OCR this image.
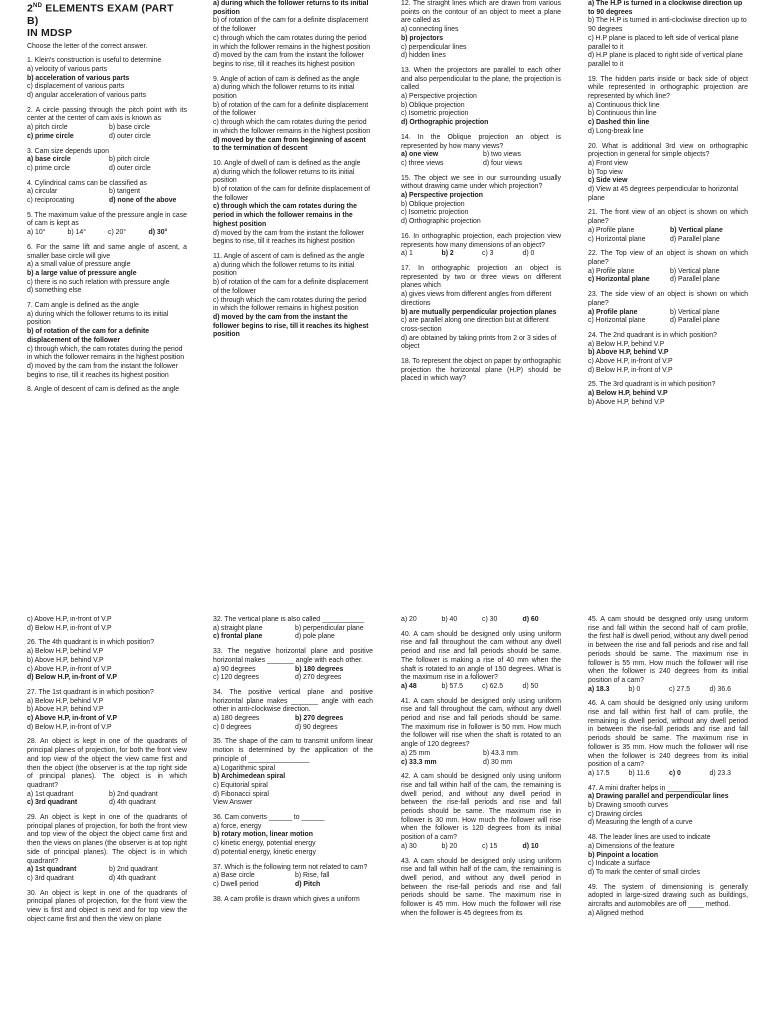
2ND ELEMENTS EXAM (PART B)
IN MDSP

Choose the letter of the correct answer.

1. Klein's construction is useful to determine

a) velocity of various parts

b) acceleration of various parts

c) displacement of various parts

d) angular acceleration of various parts

2. A circle passing through the pitch point with its center at the center of cam axis is known as

a) pitch circle	b) base circle

c) prime circle	d) outer circle

3. Cam size depends upon

a) base circle	b) pitch circle

c) prime circle	d) outer circle

4. Cylindrical cams can be classified as

a) circular	b) tangent

c) reciprocating	d) none of the above

5. The maximum value of the pressure angle in case of cam is kept as

a) 10°	b) 14°	c) 20°	d) 30°

6. For the same lift and same angle of ascent, a smaller base circle will give

a) a small value of pressure angle

b) a large value of pressure angle

c) there is no such relation with pressure angle

d) something else

7. Cam angle is defined as the angle

a) during which the follower returns to its initial position

b) of rotation of the cam for a definite displacement of the follower

c) through which, the cam rotates during the period in which the follower remains in the highest position

d) moved by the cam from the instant the follower begins to rise, till it reaches its highest position

8. Angle of descent of cam is defined as the angle

a) during which the follower returns to its initial position

b) of rotation of the cam for a definite displacement of the follower

c) through which the cam rotates during the period in which the follower remains in the highest position

d) moved by the cam from the instant the follower begins to rise, till it reaches its highest position

9. Angle of action of cam is defined as the angle

a) during which the follower returns to its initial position

b) of rotation of the cam for a definite displacement of the follower

c) through which the cam rotates during the period in which the follower remains in the highest position

d) moved by the cam from beginning of ascent to the termination of descent

10. Angle of dwell of cam is defined as the angle

a) during which the follower returns to its initial position

b) of rotation of the cam for definite displacement of the follower

c) through which the cam rotates during the period in which the follower remains in the highest position

d) moved by the cam from the instant the follower begins to rise, till it reaches its highest position

11. Angle of ascent of cam is defined as the angle

a) during which the follower returns to its initial position

b) of rotation of the cam for a definite displacement of the follower

c) through which the cam rotates during the period in which the follower remains in highest position

d) moved by the cam from the instant the follower begins to rise, till it reaches its highest position

12. The straight lines which are drawn from various points on the contour of an object to meet a plane are called as

a) connecting lines

b) projectors

c) perpendicular lines

d) hidden lines

13. When the projectors are parallel to each other and also perpendicular to the plane, the projection is called

a) Perspective projection

b) Oblique projection

c) Isometric projection

d) Orthographic projection

14. In the Oblique projection an object is represented by how many views?

a) one view	b) two views

c) three views	d) four views

15. The object we see in our surrounding usually without drawing came under which projection?

a) Perspective projection

b) Oblique projection

c) Isometric projection

d) Orthographic projection

16. In orthographic projection, each projection view represents how many dimensions of an object?

a) 1	b) 2	c) 3	d) 0

17. In orthographic projection an object is represented by two or three views on different planes which

a) gives views from different angles from different directions

b) are mutually perpendicular projection planes

c) are parallel along one direction but at different cross-section

d) are obtained by taking prints from 2 or 3 sides of object

18. To represent the object on paper by orthographic projection the horizontal plane (H.P) should be placed in which way?

a) The H.P is turned in a clockwise direction up to 90 degrees

b) The H.P is turned in anti-clockwise direction up to 90 degrees

c) H.P plane is placed to left side of vertical plane parallel to it

d) H.P plane is placed to right side of vertical plane parallel to it

19. The hidden parts inside or back side of object while represented in orthographic projection are represented by which line?

a) Continuous thick line

b) Continuous thin line

c) Dashed thin line

d) Long-break line

20. What is additional 3rd view on orthographic projection in general for simple objects?

a) Front view

b) Top view

c) Side view

d) View at 45 degrees perpendicular to horizontal plane

21. The front view of an object is shown on which plane?

a) Profile plane	b) Vertical plane

c) Horizontal plane	d) Parallel plane

22. The Top view of an object is shown on which plane?

a) Profile plane	b) Vertical plane

c) Horizontal plane	d) Parallel plane

23. The side view of an object is shown on which plane?

a) Profile plane	b) Vertical plane

c) Horizontal plane	d) Parallel plane

24. The 2nd quadrant is in which position?

a) Below H.P, behind V.P

b) Above H.P, behind V.P

c) Above H.P, in-front of V.P

d) Below H.P, in-front of V.P

25. The 3rd quadrant is in which position?

a) Below H.P, behind V.P

b) Above H.P, behind V.P

c) Above H.P, in-front of V.P

d) Below H.P, in-front of V.P

26. The 4th quadrant is in which position?

a) Below H.P, behind V.P

b) Above H.P, behind V.P

c) Above H.P, in-front of V.P

d) Below H.P, in-front of V.P

27. The 1st quadrant is in which position?

a) Below H.P, behind V.P

b) Above H.P, behind V.P

c) Above H.P, in-front of V.P

d) Below H.P, in-front of V.P

28. An object is kept in one of the quadrants of principal planes of projection, for both the front view and top view of the object the view came first and then the object (the observer is at the top right side of principal planes). The object is in which quadrant?

a) 1st quadrant	b) 2nd quadrant

c) 3rd quadrant	d) 4th quadrant

29. An object is kept in one of the quadrants of principal planes of projection, for both the front view and top view of the object the object came first and then the views on planes (the observer is at top right side of principal planes). The object is in which quadrant?

a) 1st quadrant	b) 2nd quadrant

c) 3rd quadrant	d) 4th quadrant

30. An object is kept in one of the quadrants of principal planes of projection, for the front view the view is first and object is next and for top view the object came first and then the view on plane

32. The vertical plane is also called ___________

a) straight plane	b) perpendicular plane

c) frontal plane	d) pole plane

33. The negative horizontal plane and positive horizontal makes _______ angle with each other.

a) 90 degrees	b) 180 degrees

c) 120 degrees	d) 270 degrees

34. The positive vertical plane and positive horizontal plane makes _______ angle with each other in anti-clockwise direction.

a) 180 degrees	b) 270 degrees

c) 0 degrees	d) 90 degrees

35. The shape of the cam to transmit uniform linear motion is determined by the application of the principle of ________________

a) Logarithmic spiral

b) Archimedean spiral

c) Equitorial spiral

d) Fibonacci spiral

View Answer

36. Cam converts ______ to ______

a) force, energy

b) rotary motion, linear motion

c) kinetic energy, potential energy

d) potential energy, kinetic energy

37. Which is the following term not related to cam?

a) Base circle	b) Rise, fall

c) Dwell period	d) Pitch

38. A cam profile is drawn which gives a uniform

a) 20	b) 40	c) 30	d) 60

40. A cam should be designed only using uniform rise and fall throughout the cam without any dwell period and rise and fall periods should be same. The follower is making a rise of 40 mm when the shaft is rotated to an angle of 150 degrees. What is the maximum rise in a follower?

a) 48	b) 57.5	c) 62.5	d) 50

41. A cam should be designed only using uniform rise and fall throughout the cam, without any dwell period and rise and fall periods should be same. The maximum rise in follower is 50 mm. How much the follower will rise when the shaft is rotated to an angle of 120 degrees?

a) 25 mm	b) 43.3 mm

c) 33.3 mm	d) 30 mm

42. A cam should be designed only using uniform rise and fall within half of the cam, the remaining is dwell period, and without any dwell period in between the rise-fall periods and rise and fall periods should be same. The maximum rise in follower is 30 mm. How much the follower will rise when the follower is 120 degrees from its initial position of a cam?

a) 30	b) 20	c) 15	d) 10

43. A cam should be designed only using uniform rise and fall within half of the cam, the remaining is dwell period, and without any dwell period in between the rise-fall periods and rise and fall periods should be same. The maximum rise in follower is 45 mm. How much the follower will rise when the follower is 45 degrees from its

45. A cam should be designed only using uniform rise and fall within the second half of cam profile, the first half is dwell period, without any dwell period in between the rise and fall periods and rise and fall periods should be same. The maximum rise in follower is 55 mm. How much the follower will rise when the follower is 240 degrees from its initial position of a cam?

a) 18.3	b) 0	c) 27.5	d) 36.6

46. A cam should be designed only using uniform rise and fall within first half of cam profile, the remaining is dwell period, without any dwell period in between the rise-fall periods and rise and fall periods should be same. The maximum rise in follower is 35 mm. How much the follower will rise when the follower is 240 degrees from its initial position of a cam?

a) 17.5	b) 11.6	c) 0	d) 23.3

47. A mini drafter helps in _________

a) Drawing parallel and perpendicular lines

b) Drawing smooth curves

c) Drawing circles

d) Measuring the length of a curve

48. The leader lines are used to indicate

a) Dimensions of the feature

b) Pinpoint a location

c) Indicate a surface

d) To mark the center of small circles

49. The system of dimensioning is generally adopted in large-sized drawing such as buildings, aircrafts and automobiles are off ____ method.

a) Aligned method
